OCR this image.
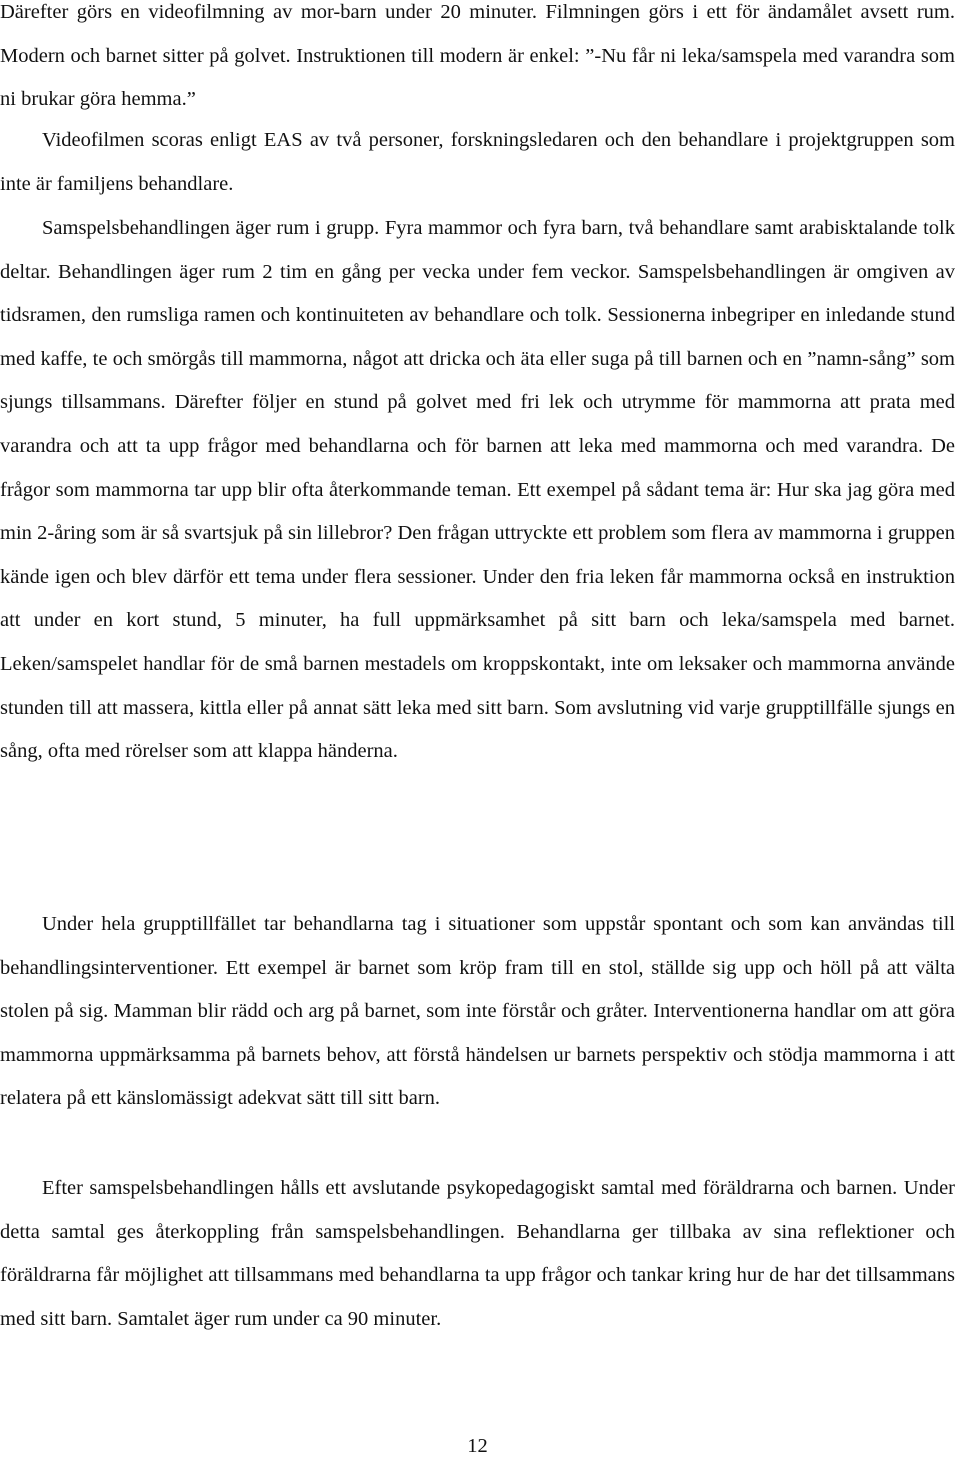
Därefter görs en videofilmning av mor-barn under 20 minuter. Filmningen görs i ett för ändamålet avsett rum. Modern och barnet sitter på golvet. Instruktionen till modern är enkel: ”-Nu får ni leka/samspela med varandra som ni brukar göra hemma.”

Videofilmen scoras enligt EAS av två personer, forskningsledaren och den behandlare i projektgruppen som inte är familjens behandlare.

Samspelsbehandlingen äger rum i grupp. Fyra mammor och fyra barn, två behandlare samt arabisktalande tolk deltar. Behandlingen äger rum 2 tim en gång per vecka under fem veckor. Samspelsbehandlingen är omgiven av tidsramen, den rumsliga ramen och kontinuiteten av behandlare och tolk. Sessionerna inbegriper en inledande stund med kaffe, te och smörgås till mammorna, något att dricka och äta eller suga på till barnen och en ”namn-sång” som sjungs tillsammans. Därefter följer en stund på golvet med fri lek och utrymme för mammorna att prata med varandra och att ta upp frågor med behandlarna och för barnen att leka med mammorna och med varandra. De frågor som mammorna tar upp blir ofta återkommande teman. Ett exempel på sådant tema är: Hur ska jag göra med min 2-åring som är så svartsjuk på sin lillebror? Den frågan uttryckte ett problem som flera av mammorna i gruppen kände igen och blev därför ett tema under flera sessioner. Under den fria leken får mammorna också en instruktion att under en kort stund, 5 minuter, ha full uppmärksamhet på sitt barn och leka/samspela med barnet. Leken/samspelet handlar för de små barnen mestadels om kroppskontakt, inte om leksaker och mammorna använde stunden till att massera, kittla eller på annat sätt leka med sitt barn. Som avslutning vid varje grupptillfälle sjungs en sång, ofta med rörelser som att klappa händerna.

Under hela grupptillfället tar behandlarna tag i situationer som uppstår spontant och som kan användas till behandlingsinterventioner. Ett exempel är barnet som kröp fram till en stol, ställde sig upp och höll på att välta stolen på sig. Mamman blir rädd och arg på barnet, som inte förstår och gråter. Interventionerna handlar om att göra mammorna uppmärksamma på barnets behov, att förstå händelsen ur barnets perspektiv och stödja mammorna i att relatera på ett känslomässigt adekvat sätt till sitt barn.

Efter samspelsbehandlingen hålls ett avslutande psykopedagogiskt samtal med föräldrarna och barnen. Under detta samtal ges återkoppling från samspelsbehandlingen. Behandlarna ger tillbaka av sina reflektioner och föräldrarna får möjlighet att tillsammans med behandlarna ta upp frågor och tankar kring hur de har det tillsammans med sitt barn. Samtalet äger rum under ca 90 minuter.

12
